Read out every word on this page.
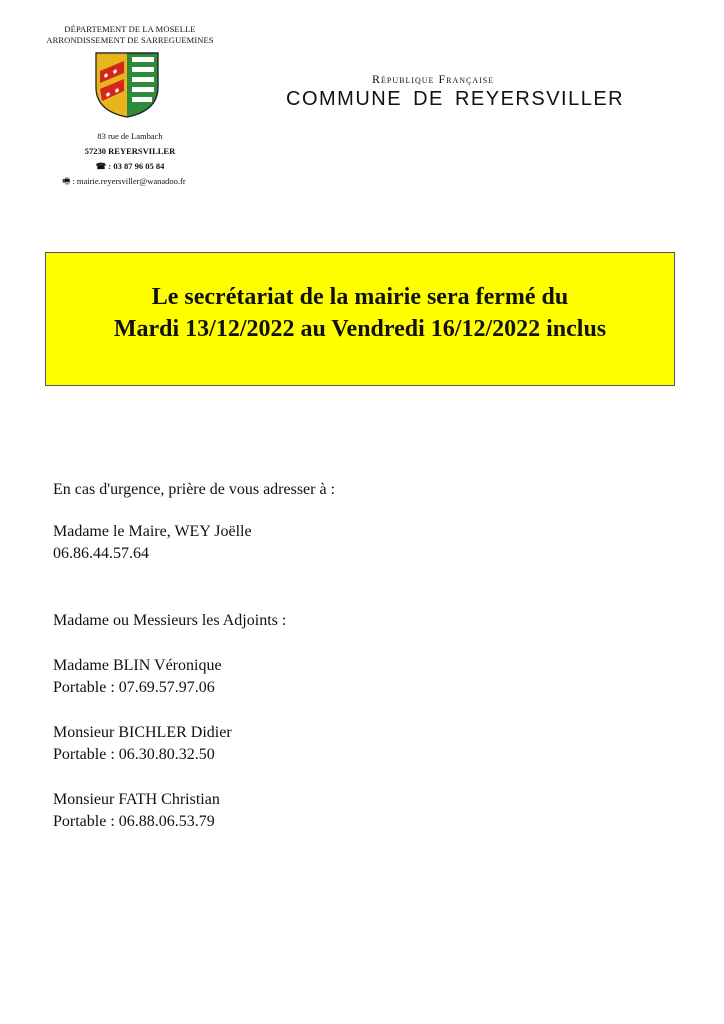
DÉPARTEMENT DE LA MOSELLE
ARRONDISSEMENT DE SARREGUEMINES
83 rue de Lambach
57230 REYERSVILLER
☎ : 03 87 96 05 84
🖷 : mairie.reyersviller@wanadoo.fr
République Française
COMMUNE DE REYERSVILLER
Le secrétariat de la mairie sera fermé du
Mardi 13/12/2022 au Vendredi 16/12/2022 inclus
En cas d'urgence, prière de vous adresser à :
Madame le Maire, WEY Joëlle
06.86.44.57.64
Madame ou Messieurs les Adjoints :
Madame BLIN Véronique
Portable : 07.69.57.97.06
Monsieur BICHLER Didier
Portable : 06.30.80.32.50
Monsieur FATH Christian
Portable : 06.88.06.53.79
